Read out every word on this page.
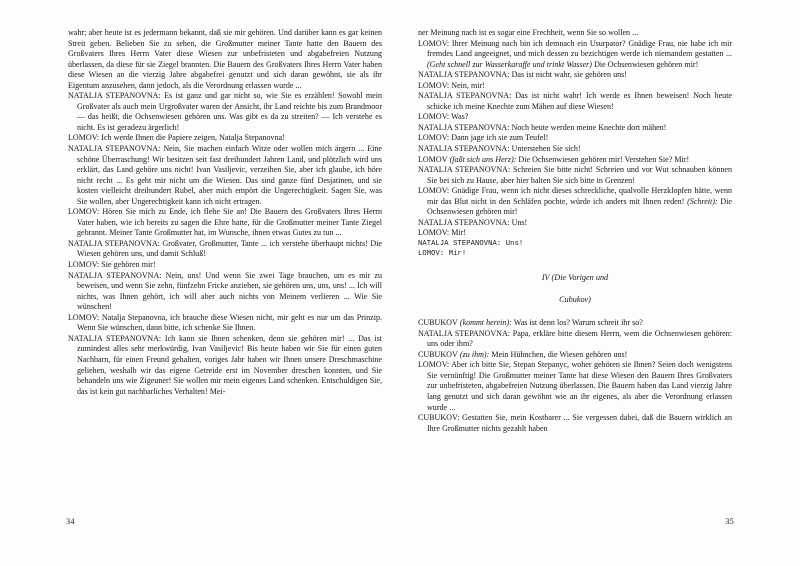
wahr; aber heute ist es jedermann bekannt, daß sie mir gehören. Und darüber kann es gar keinen Streit geben. Belieben Sie zu sehen, die Großmutter meiner Tante hatte den Bauern des Großvaters Ihres Herrn Vater diese Wiesen zur unbefristeten und abgabefreien Nutzung überlassen, da diese für sie Ziegel brannten. Die Bauern des Großvaters Ihres Herrn Vater haben diese Wiesen an die vierzig Jahre abgabefrei genutzt und sich daran gewöhnt, sie als ihr Eigentum anzusehen, dann jedoch, als die Verordnung erlassen wurde ...

NATALJA STEPANOVNA: Es ist ganz und gar nicht so, wie Sie es erzählen! Sowohl mein Großvater als auch mein Urgroßvater waren der Ansicht, ihr Land reichte bis zum Brandmoor — das heißt, die Ochsenwiesen gehören uns. Was gibt es da zu streiten? — Ich verstehe es nicht. Es ist geradezu ärgerlich!

LOMOV: Ich werde Ihnen die Papiere zeigen, Natalja Stepanovna!

NATALJA STEPANOVNA: Nein, Sie machen einfach Witze oder wollen mich ärgern ... Eine schöne Überraschung! Wir besitzen seit fast dreihundert Jahren Land, und plötzlich wird uns erklärt, das Land gehöre uns nicht! Ivan Vasiljevic, verzeihen Sie, aber ich glaube, ich höre nicht recht ... Es geht mir nicht um die Wiesen. Das sind ganze fünf Desjatinen, und sie kosten vielleicht dreihundert Rubel, aber mich empört die Ungerechtigkeit. Sagen Sie, was Sie wollen, aber Ungerechtigkeit kann ich nicht ertragen.

LOMOV: Hören Sie mich zu Ende, ich flehe Sie an! Die Bauern des Großvaters Ihres Herrn Vater haben, wie ich bereits zu sagen die Ehre hatte, für die Großmutter meiner Tante Ziegel gebrannt. Meiner Tante Großmutter hat, im Wunsche, ihnen etwas Gutes zu tun ...

NATALJA STEPANOVNA: Großvater, Großmutter, Tante ... ich verstehe überhaupt nichts! Die Wiesen gehören uns, und damit Schluß!

LOMOV: Sie gehören mir!

NATALJA STEPANOVNA: Nein, uns! Und wenn Sie zwei Tage brauchen, um es mir zu beweisen, und wenn Sie zehn, fünfzehn Fricke anziehen, sie gehören uns, uns, uns! ... Ich will nichts, was Ihnen gehört, ich will aber auch nichts von Meinem verlieren ... Wie Sie wünschen!

LOMOV: Natalja Stepanovna, ich brauche diese Wiesen nicht, mir geht es nur um das Prinzip. Wenn Sie wünschen, dann bitte, ich schenke Sie Ihnen.

NATALJA STEPANOVNA: Ich kann sie Ihnen schenken, denn sie gehören mir! ... Das ist zumindest alles sehr merkwürdig, Ivan Vasiljevic! Bis heute haben wir Sie für einen guten Nachbarn, für einen Freund gehalten, voriges Jahr haben wir Ihnen unsere Dreschmaschine geliehen, weshalb wir das eigene Getreide erst im November dreschen konnten, und Sie behandeln uns wie Zigeuner! Sie wollen mir mein eigenes Land schenken. Entschuldigen Sie, das ist kein gut nachbarliches Verhalten! Mei-

34

ner Meinung nach ist es sogar eine Frechheit, wenn Sie so wollen ...

LOMOV: Ihrer Meinung nach bin ich demnach ein Usurpator? Gnädige Frau, nie habe ich mir fremdes Land angeeignet, und mich dessen zu bezichtigen werde ich niemandem gestatten ... (Geht schnell zur Wasserkaraffe und trinkt Wasser) Die Ochsenwiesen gehören mir!

NATALJA STEPANOVNA: Das ist nicht wahr, sie gehören uns!

LOMOV: Nein, mir!

NATALJA STEPANOVNA: Das ist nicht wahr! Ich werde es Ihnen beweisen! Noch heute schicke ich meine Knechte zum Mähen auf diese Wiesen!

LOMOV: Was?

NATALJA STEPANOVNA: Noch heute werden meine Knechte dort mähen!

LOMOV: Dann jage ich sie zum Teufel!

NATALJA STEPANOVNA: Unterstehen Sie sich!

LOMOV (faßt sich ans Herz): Die Ochsenwiesen gehören mir! Verstehen Sie? Mir!

NATALJA STEPANOVNA: Schreien Sie bitte nicht! Schreien und vor Wut schnauben können Sie bei sich zu Hause, aber hier halten Sie sich bitte in Grenzen!

LOMOV: Gnädige Frau, wenn ich nicht dieses schreckliche, qualvolle Herzklopfen hätte, wenn mir das Blut nicht in den Schläfen pochte, würde ich anders mit Ihnen reden! (Schreit): Die Ochsenwiesen gehören mir!

NATALJA STEPANOVNA: Uns!

LOMOV: Mir!

NATALJA STEPANOVNA: Uns!

LOMOV: Mir!

IV (Die Vorigen und
Cubukov)

CUBUKOV (kommt herein): Was ist denn los? Warum schreit ihr so?

NATALJA STEPANOVNA: Papa, erkläre bitte diesem Herrn, wem die Ochsenwiesen gehören: uns oder ihm?

CUBUKOV (zu ihm): Mein Hühnchen, die Wiesen gehören uns!

LOMOV: Aber ich bitte Sie, Stepan Stepanyc, woher gehören sie Ihnen? Seien doch wenigstens Sie vernünftig! Die Großmutter meiner Tante hat diese Wiesen den Bauern Ihres Großvaters zur unbefristeten, abgabefreien Nutzung überlassen. Die Bauern haben das Land vierzig Jahre lang genutzt und sich daran gewöhnt wie an ihr eigenes, als aber die Verordnung erlassen wurde ...

CUBUKOV: Gestatten Sie, mein Kostbarer ... Sie vergessen dabei, daß die Bauern wirklich an Ihre Großmutter nichts gezahlt haben

35
